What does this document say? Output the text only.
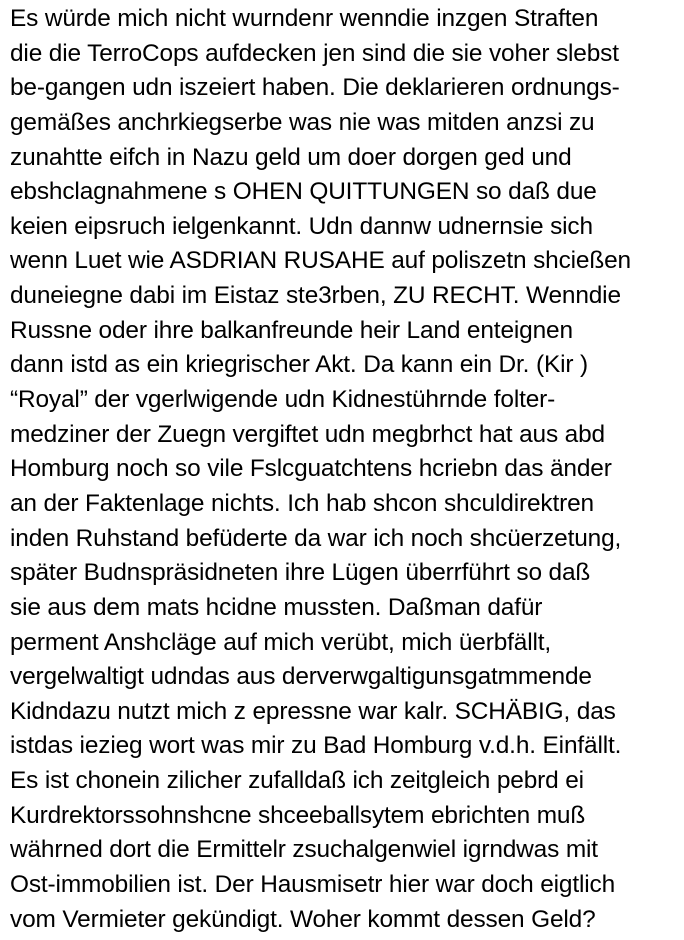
Es würde mich nicht wurndenr wenndie inzgen Straften
die die TerroCops aufdecken jen sind die sie voher slebst
be-gangen udn iszeiert haben. Die deklarieren ordnungs-
gemäßes anchrkiegserbe was nie was mitden anzsi zu
zunahtte eifch in Nazu geld um doer dorgen ged und
ebshclagnahmene s OHEN QUITTUNGEN so daß due
keien eipsruch ielgenkannt. Udn dannw udnernsie sich
wenn Luet wie ASDRIAN RUSAHE auf poliszetn shcießen
duneiegne dabi im Eistaz ste3rben, ZU RECHT. Wenndie
Russne oder ihre balkanfreunde heir Land enteignen
dann istd as ein kriegrischer Akt. Da kann ein Dr. (Kir )
“Royal” der vgerlwigende udn Kidnestührnde folter-
medziner der Zuegn vergiftet udn megbrhct hat aus abd
Homburg noch so vile Fslcguatchtens hcriebn das änder
an der Faktenlage nichts. Ich hab shcon shculdirektren
inden Ruhstand befüderte da war ich noch shcüerzetung,
später Budnspräsidneten ihre Lügen überrführt so daß
sie aus dem mats hcidne mussten. Daßman dafür
perment Anshcläge auf mich verübt, mich üerbfällt,
vergelwaltigt udndas aus derverwgaltigunsgatmmende
Kidndazu nutzt mich z epressne war kalr. SCHÄBIG, das
istdas iezieg wort was mir zu Bad Homburg v.d.h. Einfällt.
Es ist chonein zilicher zufalldaß ich zeitgleich pebrd ei
Kurdrektorssohnshcne shceeballsytem ebrichten muß
währned dort die Ermittelr zsuchalgenwiel igrndwas mit
Ost-immobilien ist. Der Hausmisetr hier war doch eigtlich
vom Vermieter gekündigt. Woher kommt dessen Geld?
